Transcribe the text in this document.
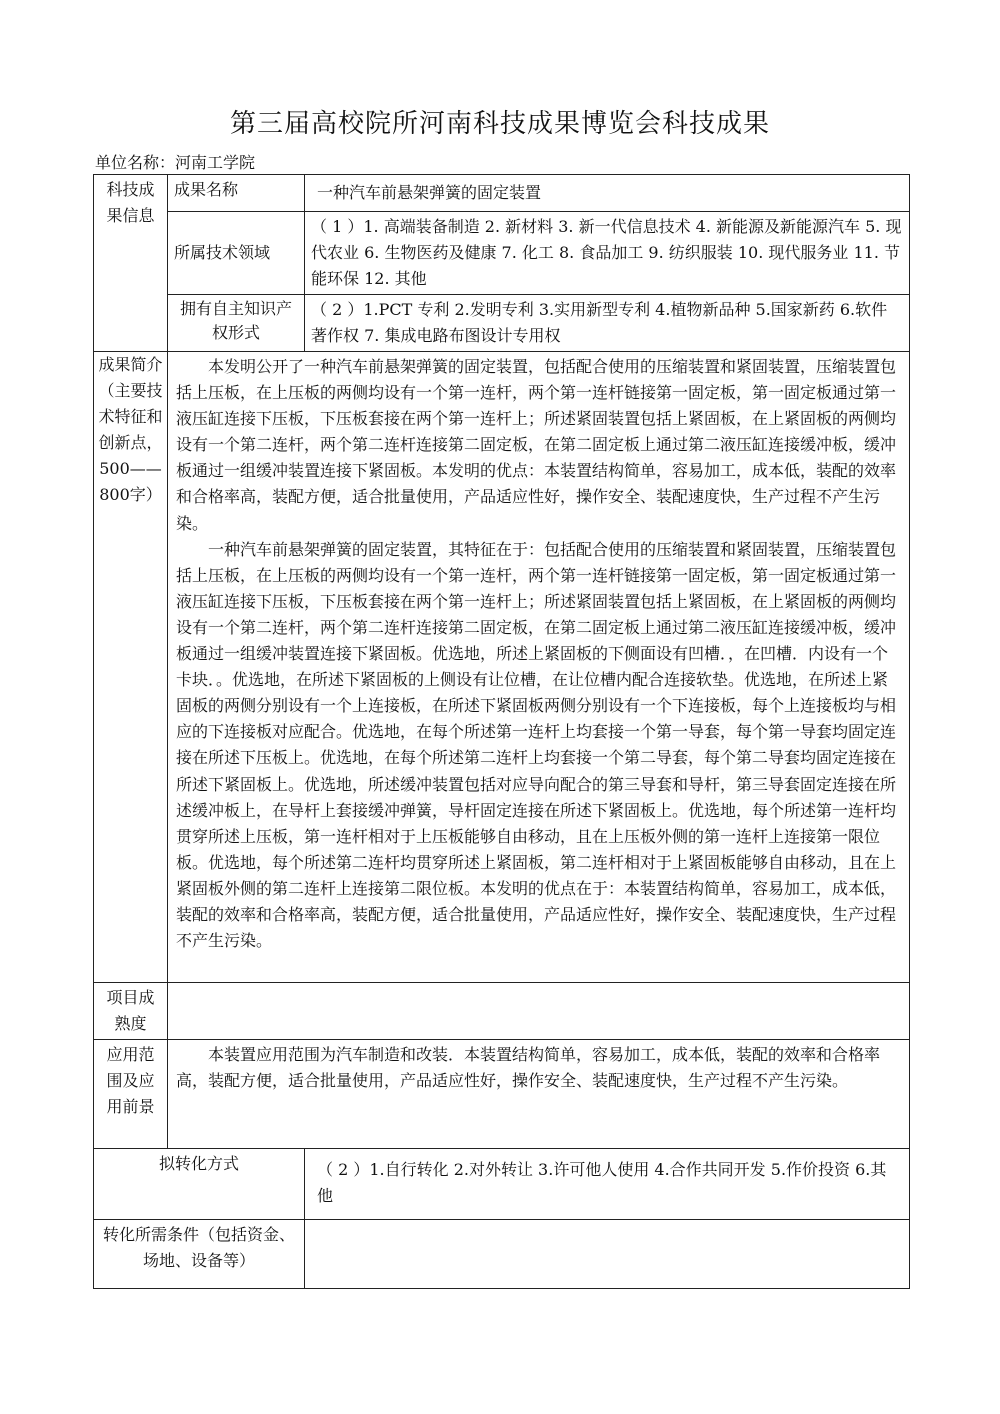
第三届高校院所河南科技成果博览会科技成果
单位名称：河南工学院
科技成果信息	成果名称	一种汽车前悬架弹簧的固定装置
	所属技术领域	（ 1 ）1. 高端装备制造 2. 新材料 3. 新一代信息技术 4. 新能源及新能源汽车 5. 现代农业 6. 生物医药及健康 7. 化工 8. 食品加工 9. 纺织服装 10. 现代服务业 11. 节能环保 12. 其他
	拥有自主知识产权形式	（ 2 ）1.PCT 专利 2.发明专利 3.实用新型专利 4.植物新品种 5.国家新药 6.软件著作权 7. 集成电路布图设计专用权
成果简介（主要技术特征和创新点，500——800字）	本发明公开了一种汽车前悬架弹簧的固定装置，包括配合使用的压缩装置和紧固装置，压缩装置包括上压板，在上压板的两侧均设有一个第一连杆，两个第一连杆链接第一固定板，第一固定板通过第一液压缸连接下压板，下压板套接在两个第一连杆上；所述紧固装置包括上紧固板，在上紧固板的两侧均设有一个第二连杆，两个第二连杆连接第二固定板，在第二固定板上通过第二液压缸连接缓冲板，缓冲板通过一组缓冲装置连接下紧固板。本发明的优点：本装置结构简单，容易加工，成本低，装配的效率和合格率高，装配方便，适合批量使用，产品适应性好，操作安全、装配速度快，生产过程不产生污染。

一种汽车前悬架弹簧的固定装置，其特征在于：包括配合使用的压缩装置和紧固装置，压缩装置包括上压板，在上压板的两侧均设有一个第一连杆，两个第一连杆链接第一固定板，第一固定板通过第一液压缸连接下压板，下压板套接在两个第一连杆上；所述紧固装置包括上紧固板，在上紧固板的两侧均设有一个第二连杆，两个第二连杆连接第二固定板，在第二固定板上通过第二液压缸连接缓冲板，缓冲板通过一组缓冲装置连接下紧固板。优选地，所述上紧固板的下侧面设有凹槽．，在凹槽．内设有一个卡块．。优选地，在所述下紧固板的上侧设有让位槽，在让位槽内配合连接软垫。优选地，在所述上紧固板的两侧分别设有一个上连接板，在所述下紧固板两侧分别设有一个下连接板，每个上连接板均与相应的下连接板对应配合。优选地，在每个所述第一连杆上均套接一个第一导套，每个第一导套均固定连接在所述下压板上。优选地，在每个所述第二连杆上均套接一个第二导套，每个第二导套均固定连接在所述下紧固板上。优选地，所述缓冲装置包括对应导向配合的第三导套和导杆，第三导套固定连接在所述缓冲板上，在导杆上套接缓冲弹簧，导杆固定连接在所述下紧固板上。优选地，每个所述第一连杆均贯穿所述上压板，第一连杆相对于上压板能够自由移动，且在上压板外侧的第一连杆上连接第一限位板。优选地，每个所述第二连杆均贯穿所述上紧固板，第二连杆相对于上紧固板能够自由移动，且在上紧固板外侧的第二连杆上连接第二限位板。本发明的优点在于：本装置结构简单，容易加工，成本低，装配的效率和合格率高，装配方便，适合批量使用，产品适应性好，操作安全、装配速度快，生产过程不产生污染。	

项目成熟度		
应用范围及应用前景	本装置应用范围为汽车制造和改装．本装置结构简单，容易加工，成本低，装配的效率和合格率高，装配方便，适合批量使用，产品适应性好，操作安全、装配速度快，生产过程不产生污染。	

拟转化方式		（ 2 ）1.自行转化 2.对外转让 3.许可他人使用 4.合作共同开发 5.作价投资 6.其他
转化所需条件（包括资金、场地、设备等）		
